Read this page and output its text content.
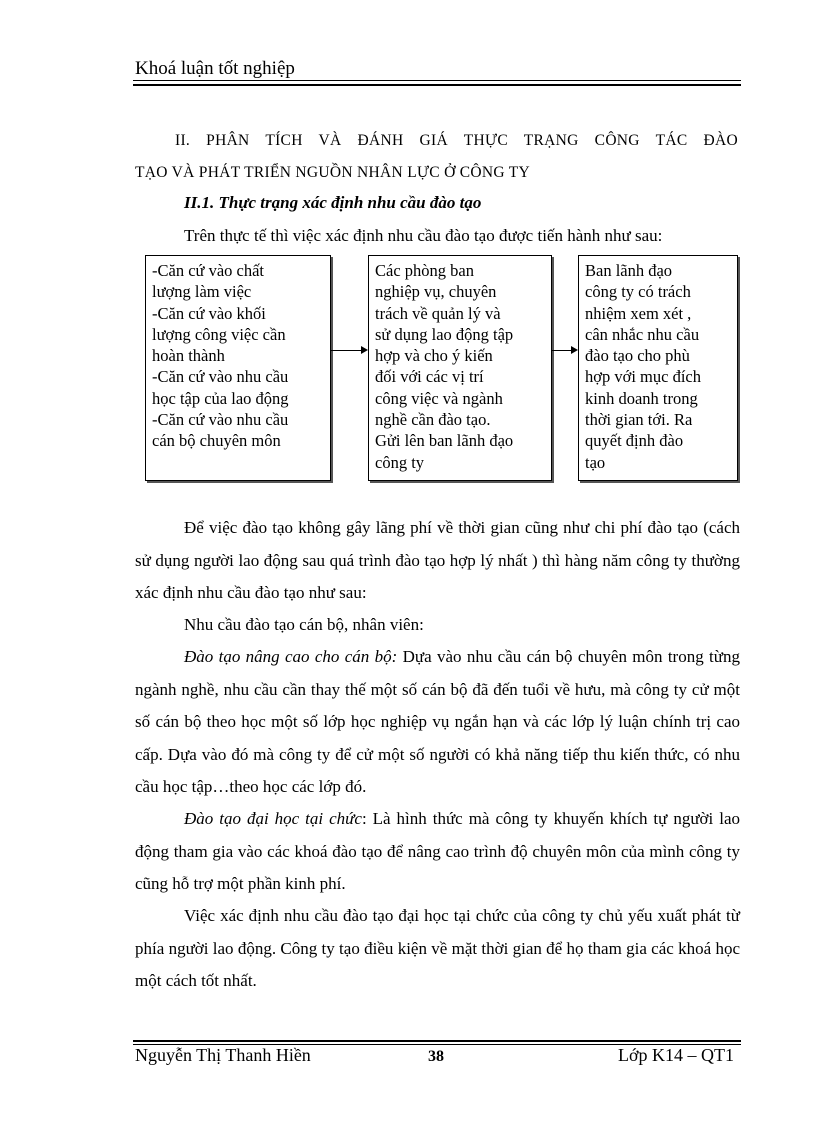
Khoá luận tốt nghiệp
II. PHÂN TÍCH VÀ ĐÁNH GIÁ THỰC TRẠNG CÔNG TÁC ĐÀO
TẠO VÀ PHÁT TRIỂN NGUỒN NHÂN LỰC Ở CÔNG TY
II.1. Thực trạng xác định nhu cầu đào tạo
Trên thực tế thì việc xác định nhu cầu đào tạo được tiến hành như sau:
-Căn cứ vào chất
lượng làm việc
-Căn cứ vào khối
lượng công việc cần
hoàn thành
-Căn cứ vào nhu cầu
học tập của lao động
-Căn cứ vào nhu cầu
cán bộ chuyên môn
Các phòng ban
nghiệp vụ, chuyên
trách về quản lý và
sử dụng lao động tập
hợp và cho ý kiến
đối với các vị trí
công việc và ngành
nghề cần đào tạo.
Gửi lên ban lãnh đạo
công ty
Ban lãnh đạo
công ty có trách
nhiệm xem xét ,
cân nhắc nhu cầu
đào tạo cho phù
hợp với mục đích
kinh doanh trong
thời gian tới. Ra
quyết định đào
tạo
Để việc đào tạo không gây lãng phí về thời gian cũng như chi phí đào tạo (cách sử dụng người lao động sau quá trình đào tạo hợp lý nhất ) thì hàng năm công ty thường xác định nhu cầu đào tạo như sau:
Nhu cầu đào tạo cán bộ, nhân viên:
Đào tạo nâng cao cho cán bộ: Dựa vào nhu cầu cán bộ chuyên môn trong từng ngành nghề, nhu cầu cần thay thế một số cán bộ đã đến tuổi về hưu, mà công ty cử một số cán bộ theo học một số lớp học nghiệp vụ ngắn hạn và các lớp lý luận chính trị cao cấp. Dựa vào đó mà công ty để cử một số người có khả năng tiếp thu kiến thức, có nhu cầu học tập…theo học các lớp đó.
Đào tạo đại học tại chức: Là hình thức mà công ty khuyến khích tự người lao động tham gia vào các khoá đào tạo để nâng cao trình độ chuyên môn của mình công ty cũng hỗ trợ một phần kinh phí.
Việc xác định nhu cầu đào tạo đại học tại chức của công ty chủ yếu xuất phát từ phía người lao động. Công ty tạo điều kiện về mặt thời gian để họ tham gia các khoá học một cách tốt nhất.
Nguyễn Thị Thanh Hiền	38	Lớp K14 – QT1
